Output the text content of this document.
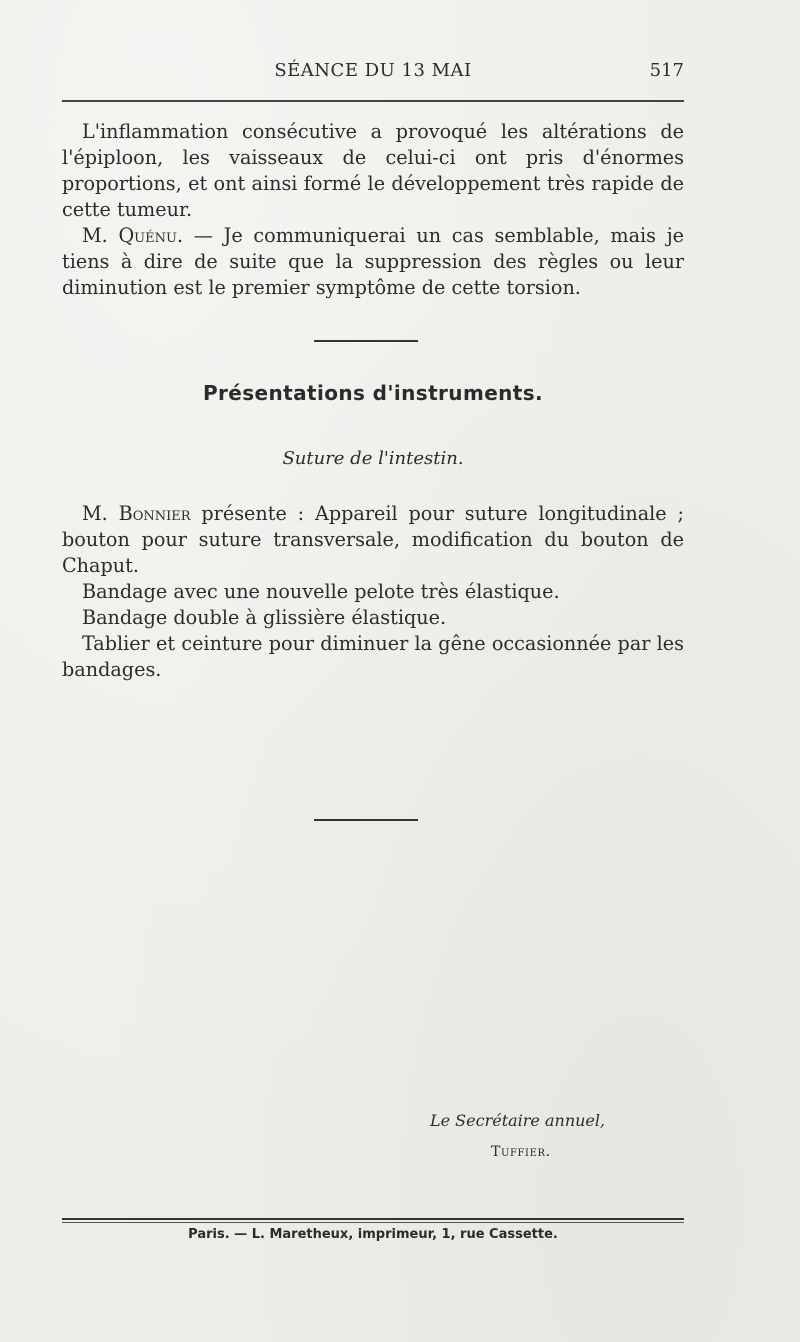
SÉANCE DU 13 MAI	517

L'inflammation consécutive a provoqué les altérations de l'épiploon, les vaisseaux de celui-ci ont pris d'énormes proportions, et ont ainsi formé le développement très rapide de cette tumeur.

M. Quénu. — Je communiquerai un cas semblable, mais je tiens à dire de suite que la suppression des règles ou leur diminution est le premier symptôme de cette torsion.

Présentations d'instruments.
Suture de l'intestin.

M. Bonnier présente : Appareil pour suture longitudinale ; bouton pour suture transversale, modification du bouton de Chaput.

Bandage avec une nouvelle pelote très élastique.

Bandage double à glissière élastique.

Tablier et ceinture pour diminuer la gêne occasionnée par les bandages.

Le Secrétaire annuel,
Tuffier.
Paris. — L. Maretheux, imprimeur, 1, rue Cassette.
